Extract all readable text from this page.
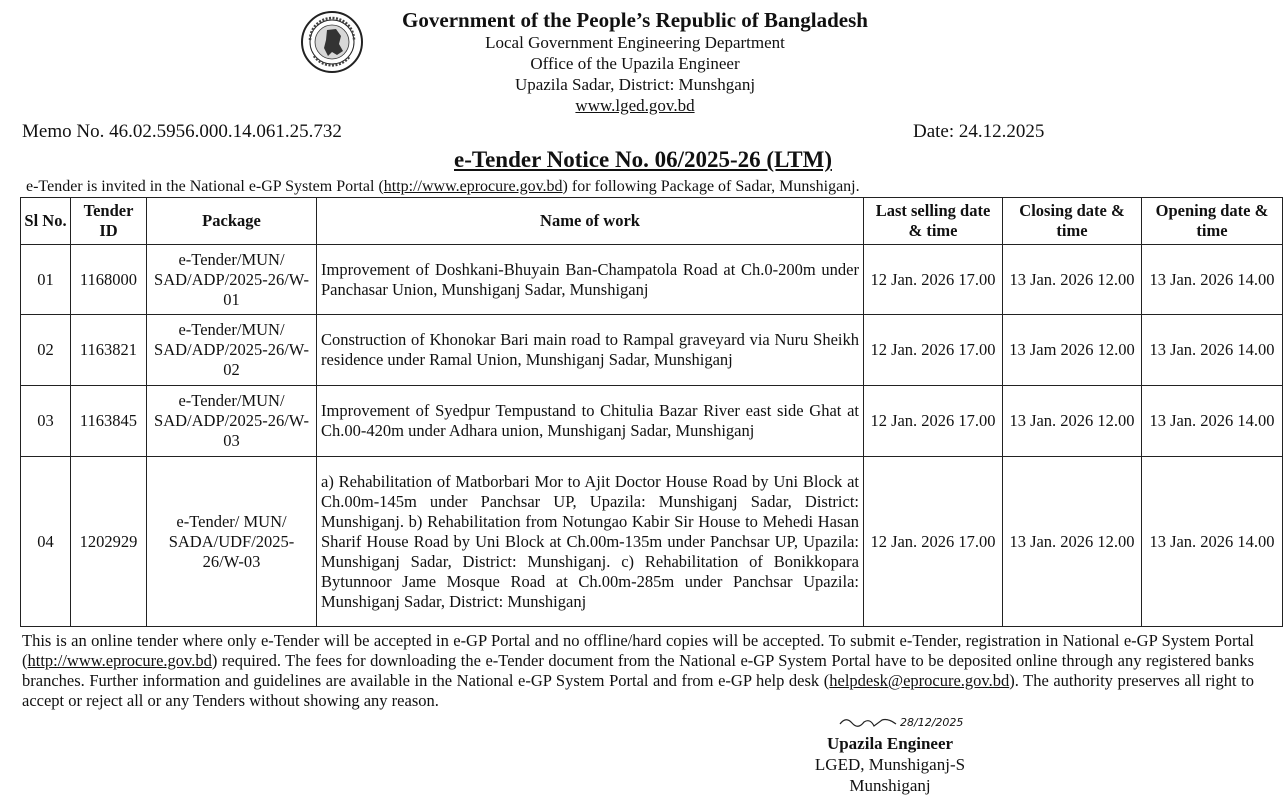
Government of the People’s Republic of Bangladesh
Local Government Engineering Department
Office of the Upazila Engineer
Upazila Sadar, District: Munshganj
www.lged.gov.bd
Memo No. 46.02.5956.000.14.061.25.732	Date: 24.12.2025
e-Tender Notice No. 06/2025-26 (LTM)
e-Tender is invited in the National e-GP System Portal (http://www.eprocure.gov.bd) for following Package of Sadar, Munshiganj.
Sl No.	Tender ID	Package	Name of work	Last selling date & time	Closing date & time	Opening date & time
01	1168000	e-Tender/MUN/ SAD/ADP/2025-26/W-01	Improvement of Doshkani-Bhuyain Ban-Champatola Road at Ch.0-200m under Panchasar Union, Munshiganj Sadar, Munshiganj	12 Jan. 2026 17.00	13 Jan. 2026 12.00	13 Jan. 2026 14.00
02	1163821	e-Tender/MUN/ SAD/ADP/2025-26/W-02	Construction of Khonokar Bari main road to Rampal graveyard via Nuru Sheikh residence under Ramal Union, Munshiganj Sadar, Munshiganj	12 Jan. 2026 17.00	13 Jam 2026 12.00	13 Jan. 2026 14.00
03	1163845	e-Tender/MUN/ SAD/ADP/2025-26/W-03	Improvement of Syedpur Tempustand to Chitulia Bazar River east side Ghat at Ch.00-420m under Adhara union, Munshiganj Sadar, Munshiganj	12 Jan. 2026 17.00	13 Jan. 2026 12.00	13 Jan. 2026 14.00
04	1202929	e-Tender/ MUN/ SADA/UDF/2025-26/W-03	a) Rehabilitation of Matborbari Mor to Ajit Doctor House Road by Uni Block at Ch.00m-145m under Panchsar UP, Upazila: Munshiganj Sadar, District: Munshiganj. b) Rehabilitation from Notungao Kabir Sir House to Mehedi Hasan Sharif House Road by Uni Block at Ch.00m-135m under Panchsar UP, Upazila: Munshiganj Sadar, District: Munshiganj. c) Rehabilitation of Bonikkopara Bytunnoor Jame Mosque Road at Ch.00m-285m under Panchsar Upazila: Munshiganj Sadar, District: Munshiganj	12 Jan. 2026 17.00	13 Jan. 2026 12.00	13 Jan. 2026 14.00
This is an online tender where only e-Tender will be accepted in e-GP Portal and no offline/hard copies will be accepted. To submit e-Tender, registration in National e-GP System Portal (http://www.eprocure.gov.bd) required. The fees for downloading the e-Tender document from the National e-GP System Portal have to be deposited online through any registered banks branches. Further information and guidelines are available in the National e-GP System Portal and from e-GP help desk (helpdesk@eprocure.gov.bd). The authority preserves all right to accept or reject all or any Tenders without showing any reason.
28/12/2025
Upazila Engineer
LGED, Munshiganj-S
Munshiganj
